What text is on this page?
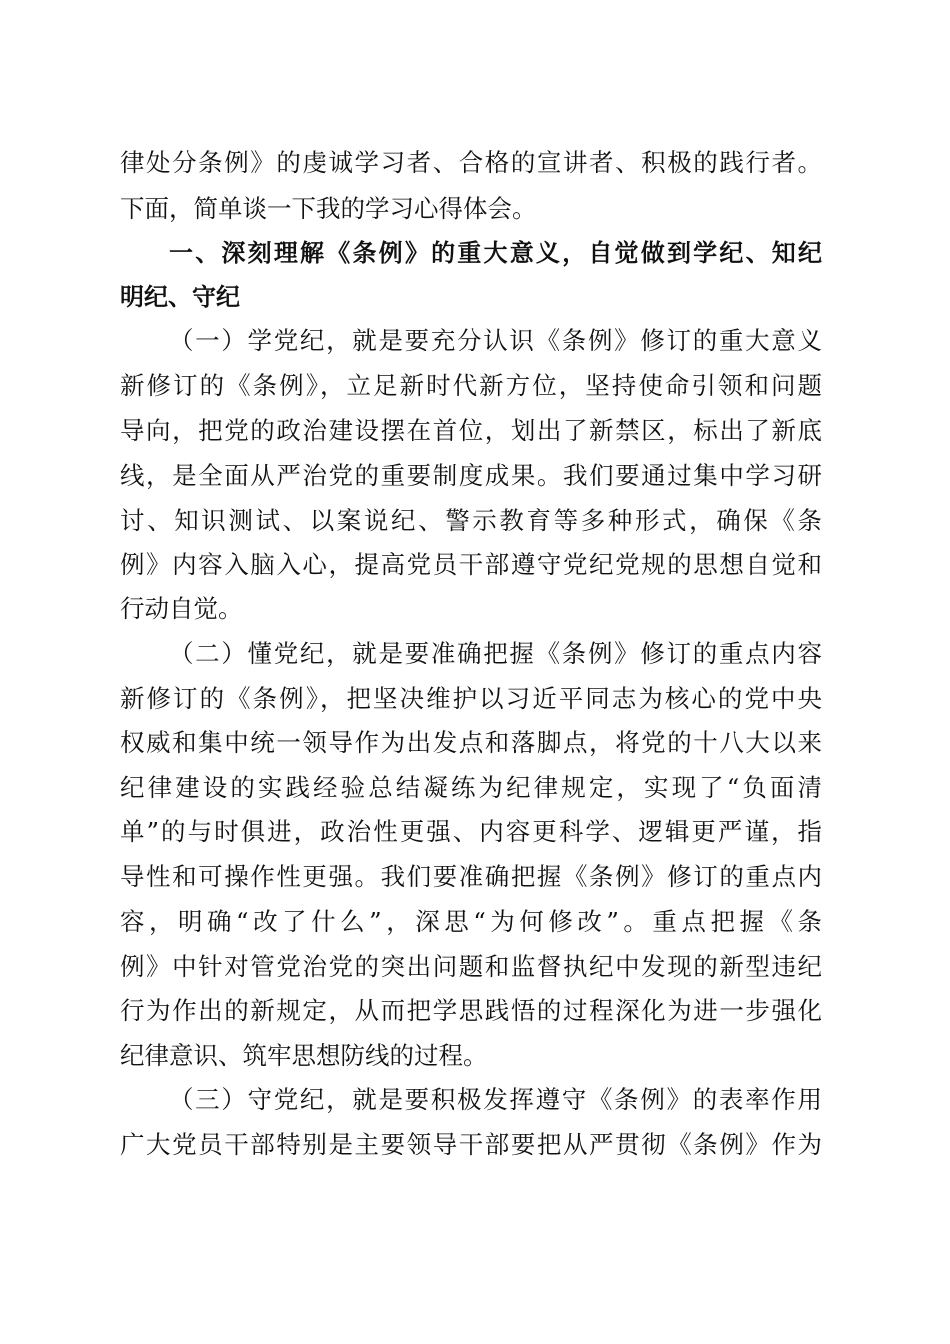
律处分条例》的虔诚学习者、合格的宣讲者、积极的践行者。
下面，简单谈一下我的学习心得体会。
一、深刻理解《条例》的重大意义，自觉做到学纪、知纪
明纪、守纪
（一）学党纪，就是要充分认识《条例》修订的重大意义
新修订的《条例》，立足新时代新方位，坚持使命引领和问题
导向，把党的政治建设摆在首位，划出了新禁区，标出了新底
线，是全面从严治党的重要制度成果。我们要通过集中学习研
讨、知识测试、以案说纪、警示教育等多种形式，确保《条
例》内容入脑入心，提高党员干部遵守党纪党规的思想自觉和
行动自觉。
（二）懂党纪，就是要准确把握《条例》修订的重点内容
新修订的《条例》，把坚决维护以习近平同志为核心的党中央
权威和集中统一领导作为出发点和落脚点，将党的十八大以来
纪律建设的实践经验总结凝练为纪律规定，实现了“负面清
单”的与时俱进，政治性更强、内容更科学、逻辑更严谨，指
导性和可操作性更强。我们要准确把握《条例》修订的重点内
容，明确“改了什么”，深思“为何修改”。重点把握《条
例》中针对管党治党的突出问题和监督执纪中发现的新型违纪
行为作出的新规定，从而把学思践悟的过程深化为进一步强化
纪律意识、筑牢思想防线的过程。
（三）守党纪，就是要积极发挥遵守《条例》的表率作用
广大党员干部特别是主要领导干部要把从严贯彻《条例》作为
